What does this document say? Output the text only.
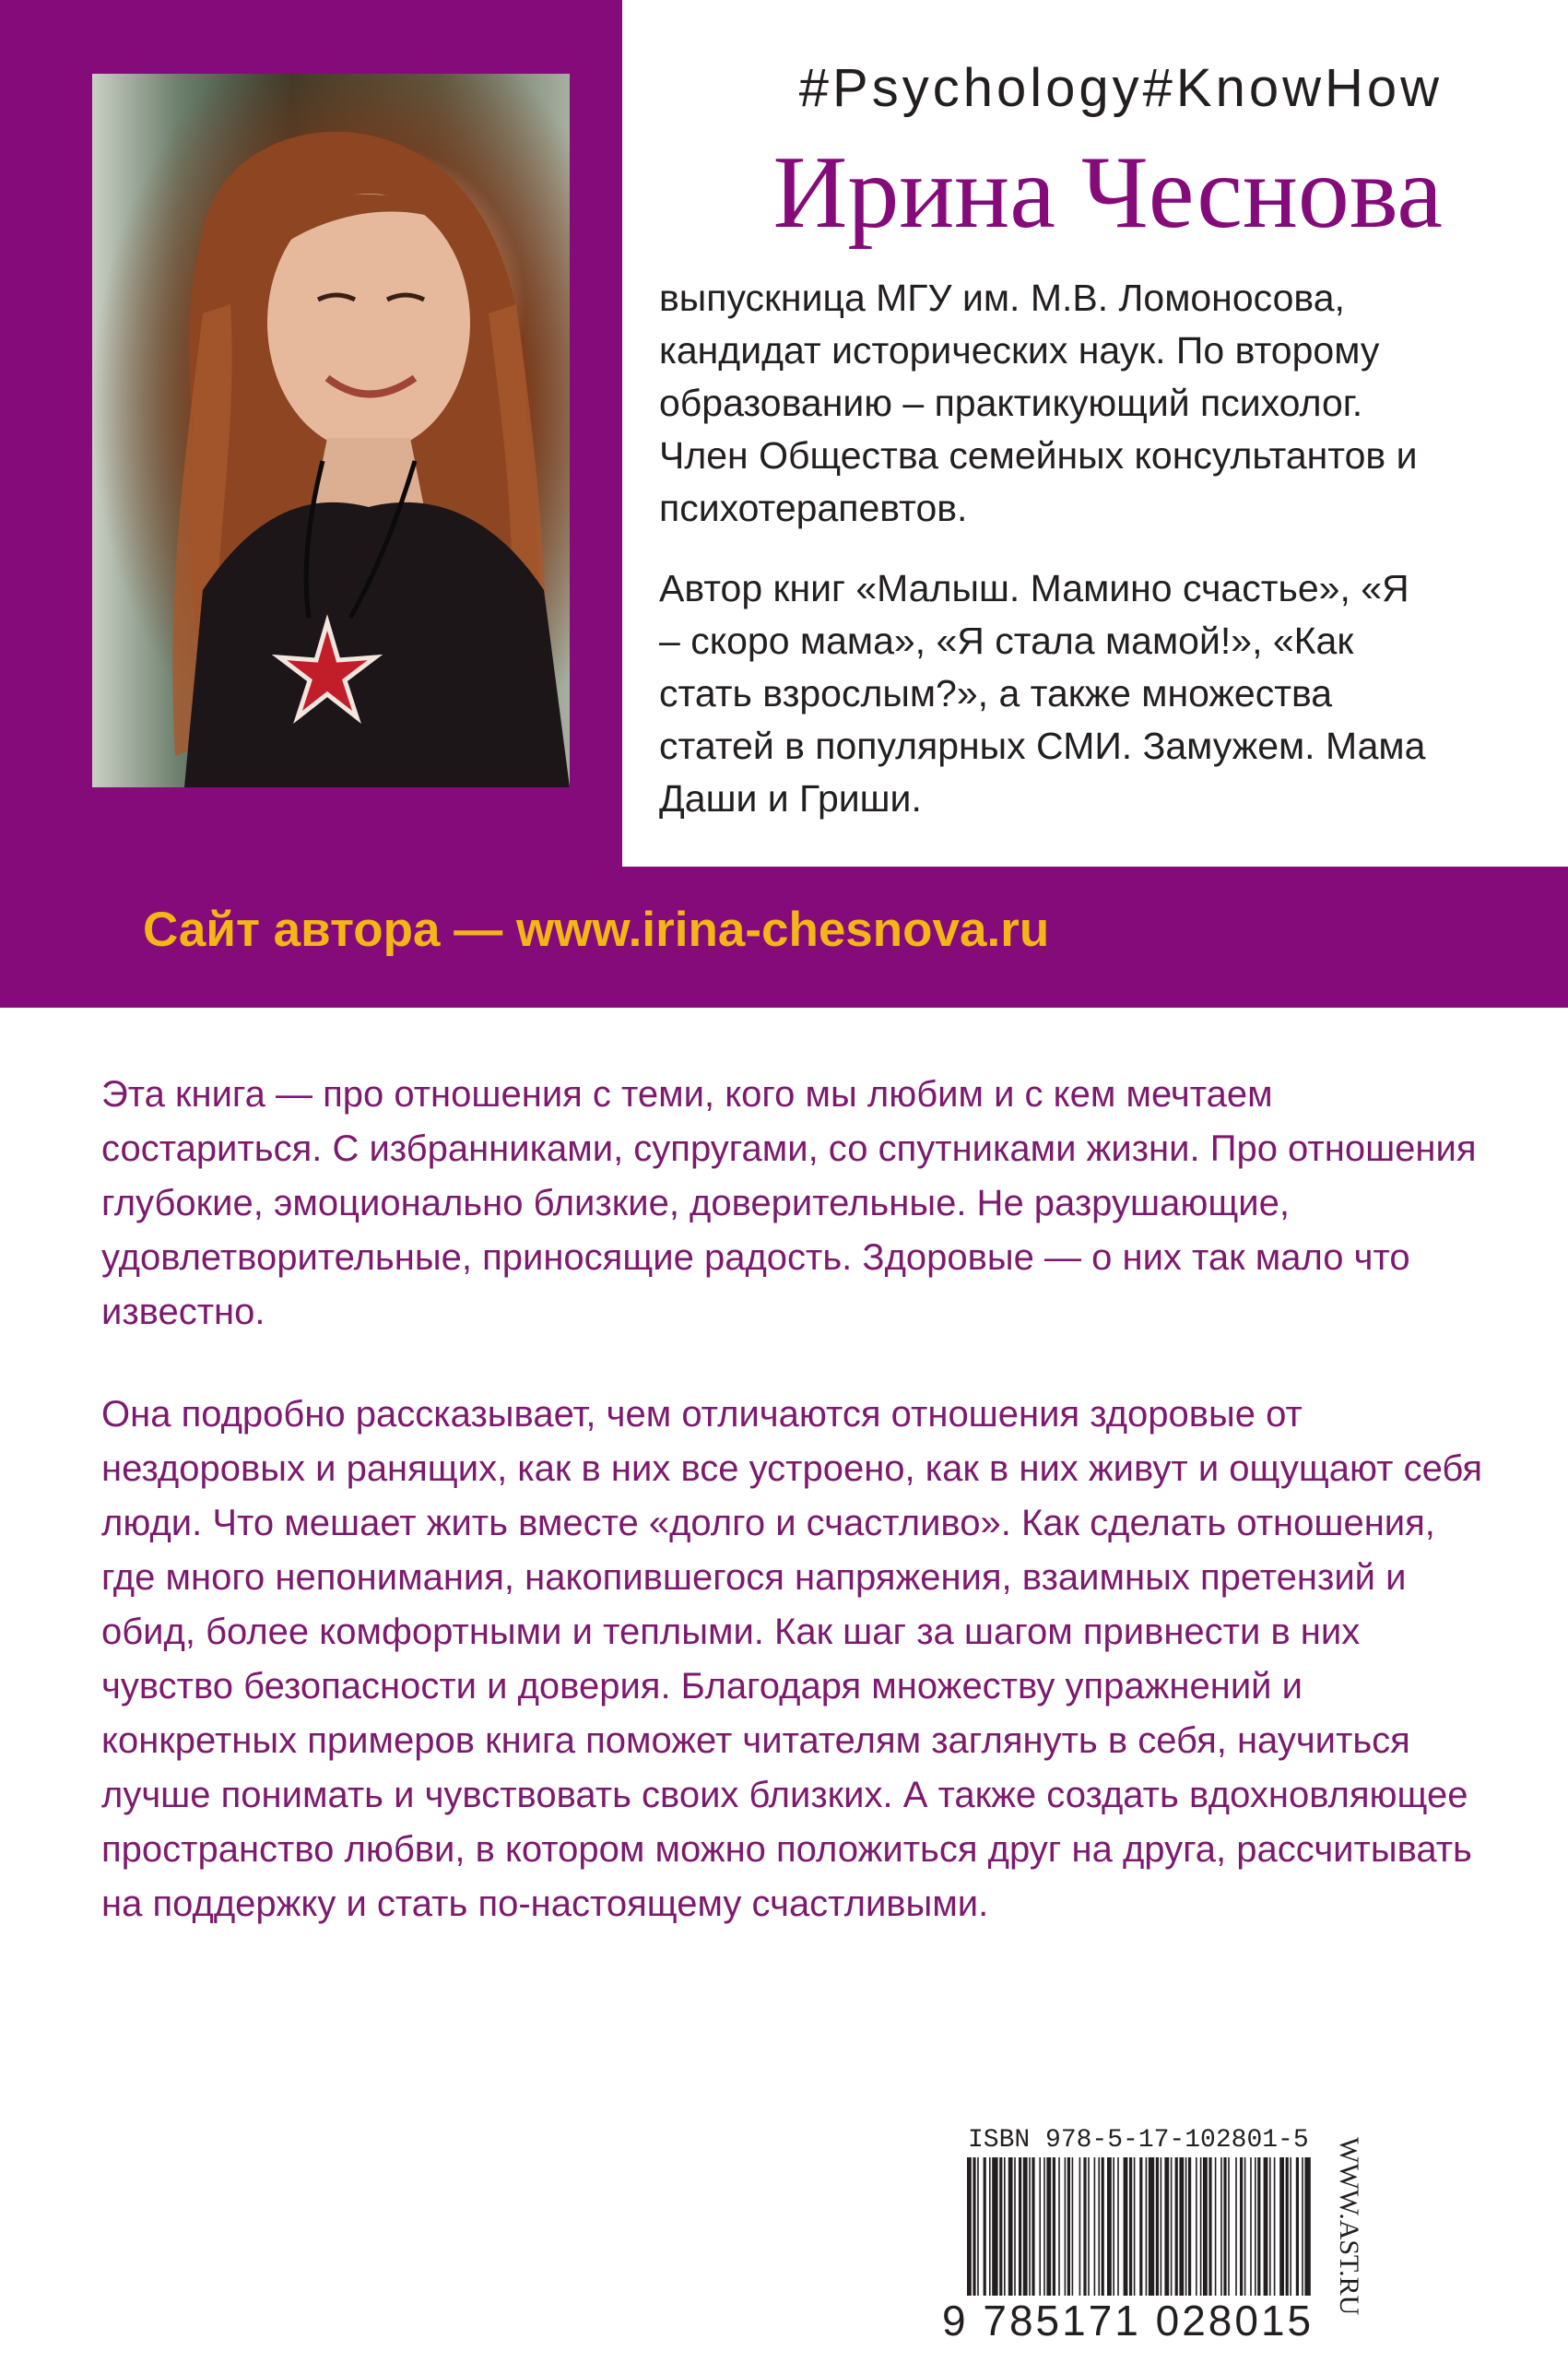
#Psychology#KnowHow
Ирина Чеснова

выпускница МГУ им. М.В. Ломоносова, кандидат исторических наук. По второму образованию – практикующий психолог. Член Общества семейных консультантов и психотерапевтов.

Автор книг «Малыш. Мамино счастье», «Я – скоро мама», «Я стала мамой!», «Как стать взрослым?», а также множества статей в популярных СМИ. Замужем. Мама Даши и Гриши.

Сайт автора — www.irina-chesnova.ru

Эта книга — про отношения с теми, кого мы любим и с кем мечтаем состариться. С избранниками, супругами, со спутниками жизни. Про отношения глубокие, эмоционально близкие, доверительные. Не разрушающие, удовлетворительные, приносящие радость. Здоровые — о них так мало что известно.

Она подробно рассказывает, чем отличаются отношения здоровые от нездоровых и ранящих, как в них все устроено, как в них живут и ощущают себя люди. Что мешает жить вместе «долго и счастливо». Как сделать отношения, где много непонимания, накопившегося напряжения, взаимных претензий и обид, более комфортными и теплыми. Как шаг за шагом привнести в них чувство безопасности и доверия. Благодаря множеству упражнений и конкретных примеров книга поможет читателям заглянуть в себя, научиться лучше понимать и чувствовать своих близких. А также создать вдохновляющее пространство любви, в котором можно положиться друг на друга, рассчитывать на поддержку и стать по-настоящему счастливыми.

ISBN 978-5-17-102801-5
9 785171 028015
WWW.AST.RU
